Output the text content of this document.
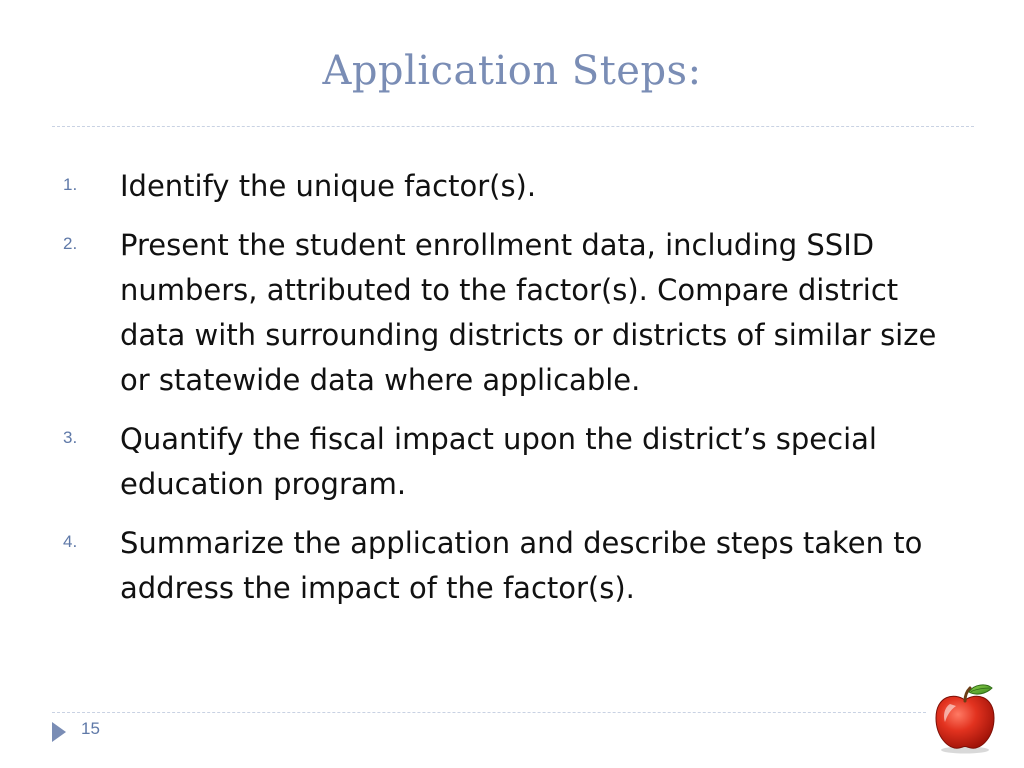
Application Steps:
1. Identify the unique factor(s).
2. Present the student enrollment data, including SSID numbers, attributed to the factor(s). Compare district data with surrounding districts or districts of similar size or statewide data where applicable.
3. Quantify the fiscal impact upon the district’s special education program.
4. Summarize the application and describe steps taken to address the impact of the factor(s).
15
